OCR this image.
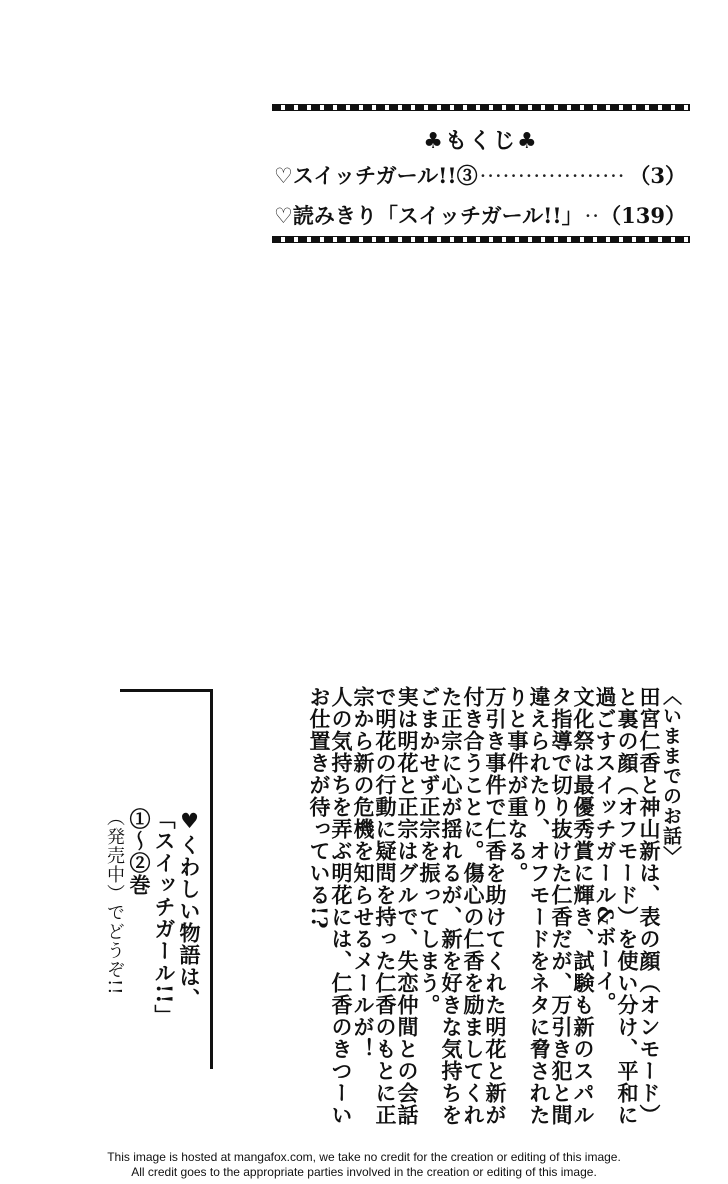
♣もくじ♣
♡スイッチガール!!③ ·····	（3）
♡読みきり「スイッチガール!!」 ····· （139）

〈いままでのお話〉

田宮仁香と神山新は、表の顔（オンモード）と裏の顔（オフモード）を使い分け、平和に過ごすスイッチガール&ボーイ。

文化祭は最優秀賞に輝き、試験も新のスパルタ指導で切り抜けた仁香だが、万引き犯と間違えられたり、オフモードをネタに脅されたりと事件が重なる。

万引き事件で仁香を助けてくれた明花と新が付き合うことに。傷心の仁香を励ましてくれた正宗に心が揺れるが、新を好きな気持ちをごまかせず正宗を振ってしまう。

実は明花と正宗はグルで、失恋仲間との会話で明花の行動に疑問を持った仁香のもとに正宗から新の危機を知らせるメールが！

人の気持ちを弄ぶ明花には、仁香のきつーいお仕置きが待っている!?

♥くわしい物語は、

「スイッチガール!!」①〜②巻

（発売中）でどうぞ!!

This image is hosted at mangafox.com, we take no credit for the creation or editing of this image.
All credit goes to the appropriate parties involved in the creation or editing of this image.
